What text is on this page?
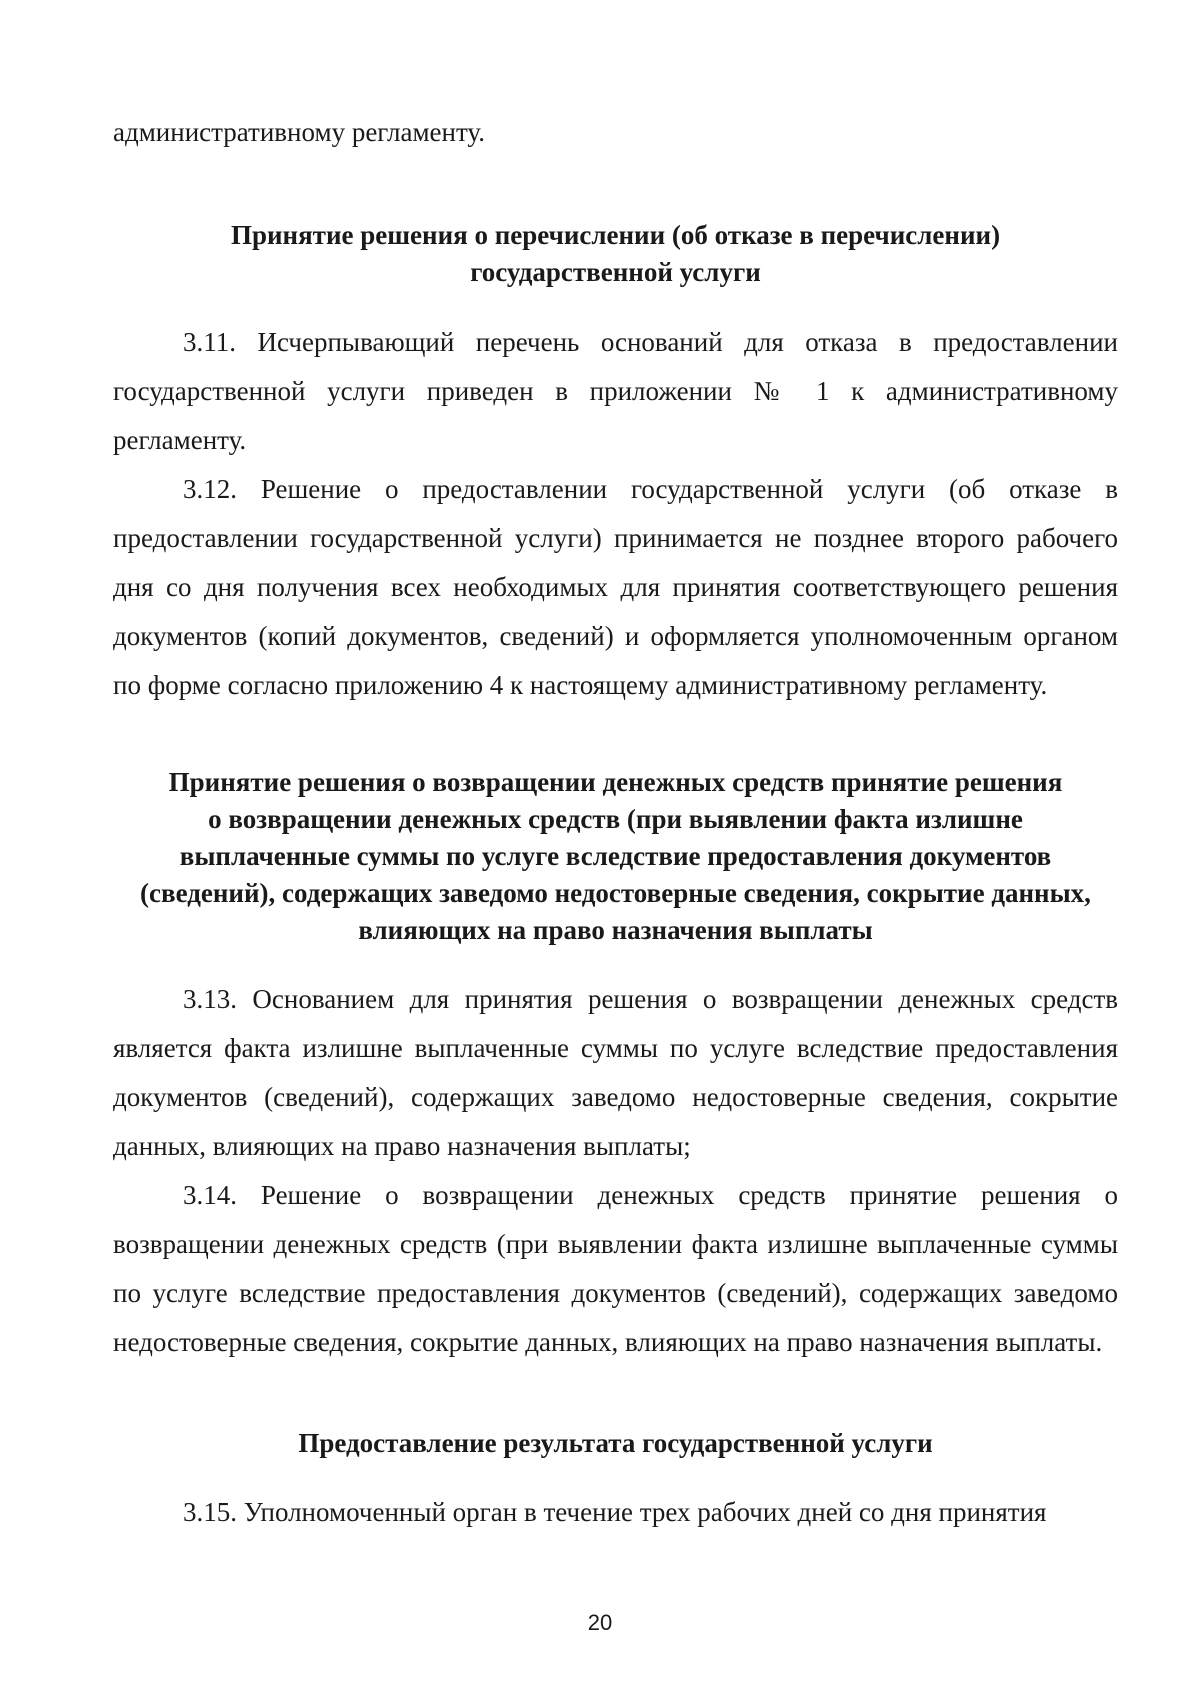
административному регламенту.

Принятие решения о перечислении (об отказе в перечислении)
государственной услуги

3.11. Исчерпывающий перечень оснований для отказа в предоставлении государственной услуги приведен в приложении № 1 к административному регламенту.

3.12. Решение о предоставлении государственной услуги (об отказе в предоставлении государственной услуги) принимается не позднее второго рабочего дня со дня получения всех необходимых для принятия соответствующего решения документов (копий документов, сведений) и оформляется уполномоченным органом по форме согласно приложению 4 к настоящему административному регламенту.

Принятие решения о возвращении денежных средств принятие решения
о возвращении денежных средств (при выявлении факта излишне
выплаченные суммы по услуге вследствие предоставления документов
(сведений), содержащих заведомо недостоверные сведения, сокрытие данных,
влияющих на право назначения выплаты

3.13. Основанием для принятия решения о возвращении денежных средств является факта излишне выплаченные суммы по услуге вследствие предоставления документов (сведений), содержащих заведомо недостоверные сведения, сокрытие данных, влияющих на право назначения выплаты;

3.14. Решение о возвращении денежных средств принятие решения о возвращении денежных средств (при выявлении факта излишне выплаченные суммы по услуге вследствие предоставления документов (сведений), содержащих заведомо недостоверные сведения, сокрытие данных, влияющих на право назначения выплаты.

Предоставление результата государственной услуги

3.15. Уполномоченный орган в течение трех рабочих дней со дня принятия

20
